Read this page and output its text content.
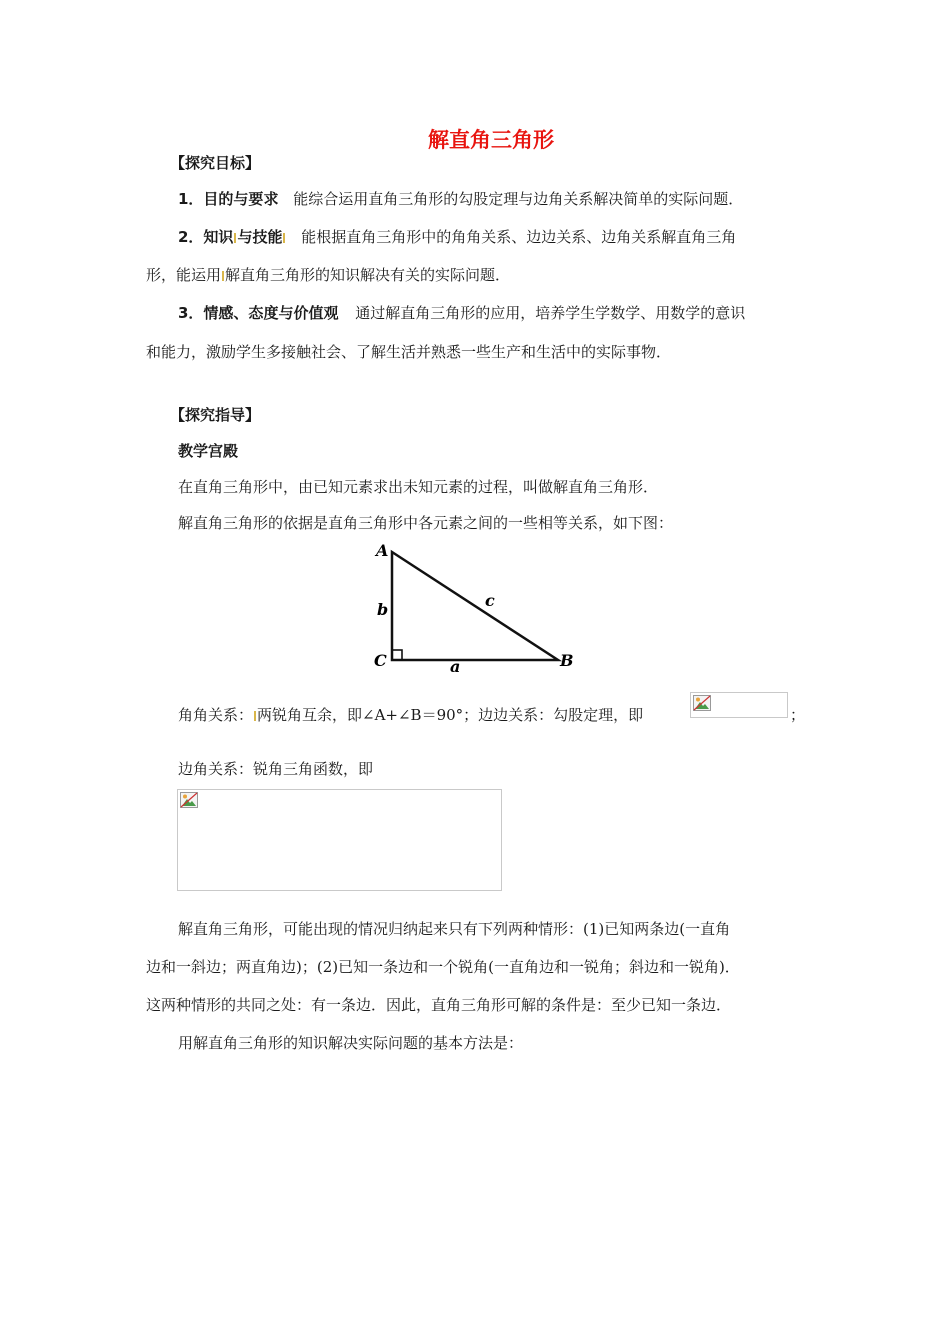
解直角三角形
【探究目标】
1．目的与要求 能综合运用直角三角形的勾股定理与边角关系解决简单的实际问题．
2．知识 与技能 能根据直角三角形中的角角关系、边边关系、边角关系解直角三角
形，能运用 解直角三角形的知识解决有关的实际问题．
3．情感、态度与价值观 通过解直角三角形的应用，培养学生学数学、用数学的意识
和能力，激励学生多接触社会、了解生活并熟悉一些生产和生活中的实际事物．
【探究指导】
教学宫殿
在直角三角形中，由已知元素求出未知元素的过程，叫做解直角三角形．
解直角三角形的依据是直角三角形中各元素之间的一些相等关系，如下图：
A
B
C	a
b	c
角角关系： 两锐角互余，即∠A+∠B＝90°；边边关系：勾股定理，即	；
边角关系：锐角三角函数，即
解直角三角形，可能出现的情况归纳起来只有下列两种情形：(1)已知两条边(一直角
边和一斜边；两直角边)；(2)已知一条边和一个锐角(一直角边和一锐角；斜边和一锐角)．
这两种情形的共同之处：有一条边．因此，直角三角形可解的条件是：至少已知一条边．
用解直角三角形的知识解决实际问题的基本方法是：
